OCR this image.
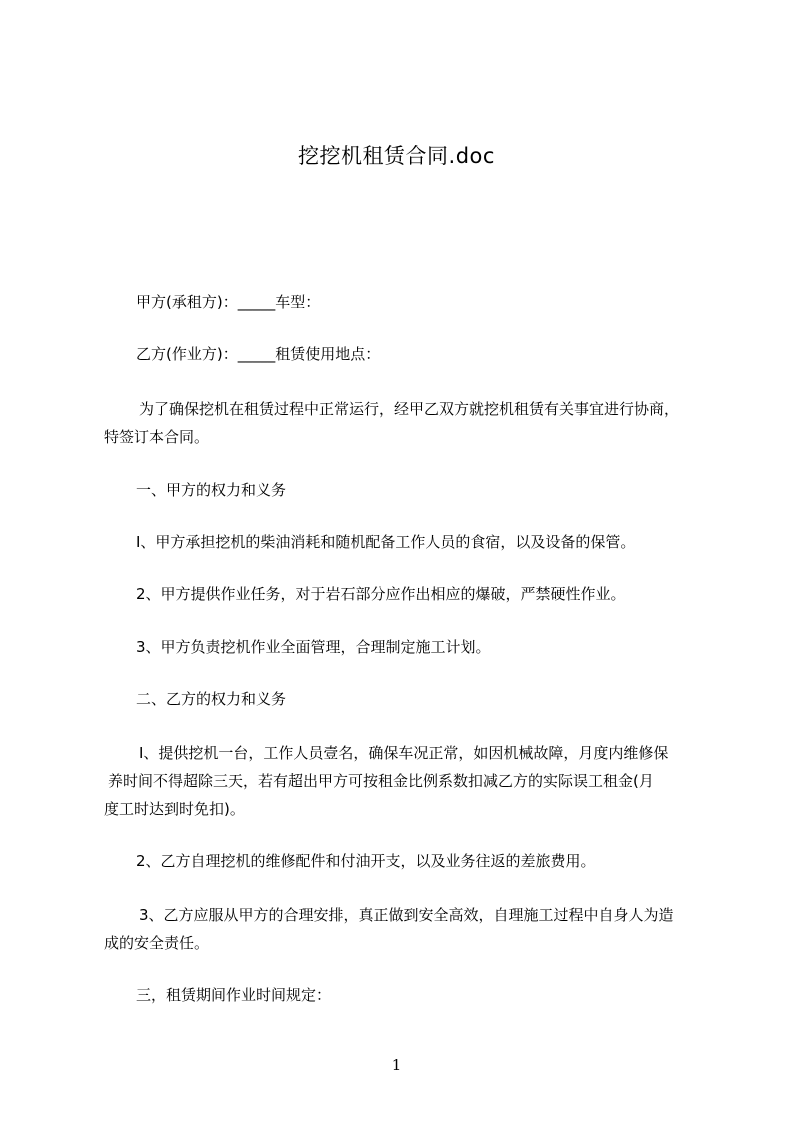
挖挖机租赁合同.doc
甲方(承租方)：_____车型：
乙方(作业方)：_____租赁使用地点：
为了确保挖机在租赁过程中正常运行，经甲乙双方就挖机租赁有关事宜进行协商，
特签订本合同。
一、甲方的权力和义务
I、甲方承担挖机的柴油消耗和随机配备工作人员的食宿，以及设备的保管。
2、甲方提供作业任务，对于岩石部分应作出相应的爆破，严禁硬性作业。
3、甲方负责挖机作业全面管理，合理制定施工计划。
二、乙方的权力和义务
I、提供挖机一台，工作人员壹名，确保车况正常，如因机械故障，月度内维修保
养时间不得超除三天，若有超出甲方可按租金比例系数扣减乙方的实际误工租金(月
度工时达到时免扣)。
2、乙方自理挖机的维修配件和付油开支，以及业务往返的差旅费用。
3、乙方应服从甲方的合理安排，真正做到安全高效，自理施工过程中自身人为造
成的安全责任。
三，租赁期间作业时间规定：
1
